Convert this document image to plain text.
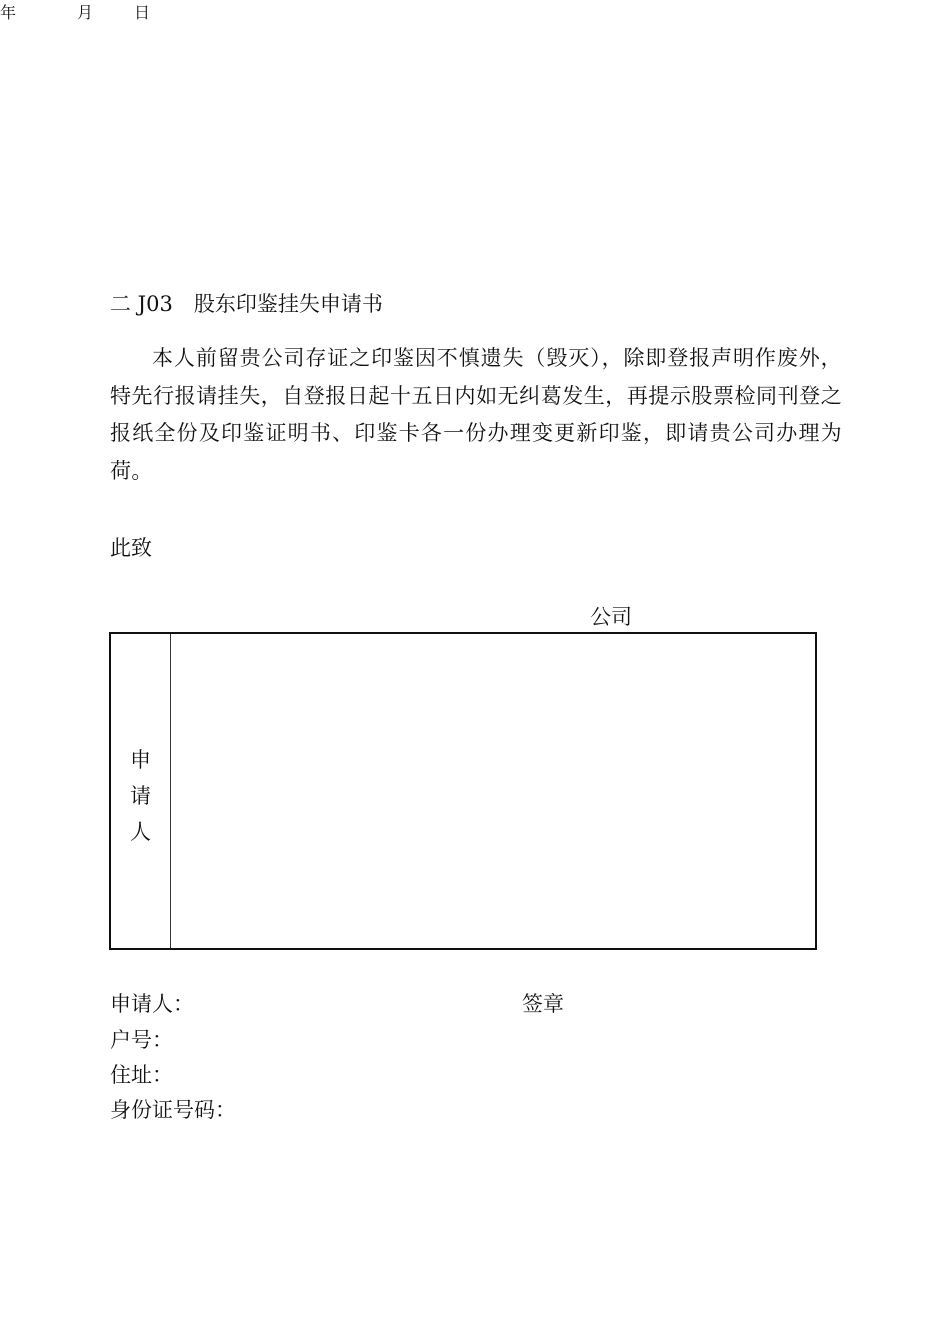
年	月	日
二 J03　股东印鉴挂失申请书
本人前留贵公司存证之印鉴因不慎遗失（毁灭），除即登报声明作废外，特先行报请挂失，自登报日起十五日内如无纠葛发生，再提示股票检同刊登之报纸全份及印鉴证明书、印鉴卡各一份办理变更新印鉴，即请贵公司办理为荷。
此致
公司
申
请
人
申请人：	签章
户号：
住址：
身份证号码：
